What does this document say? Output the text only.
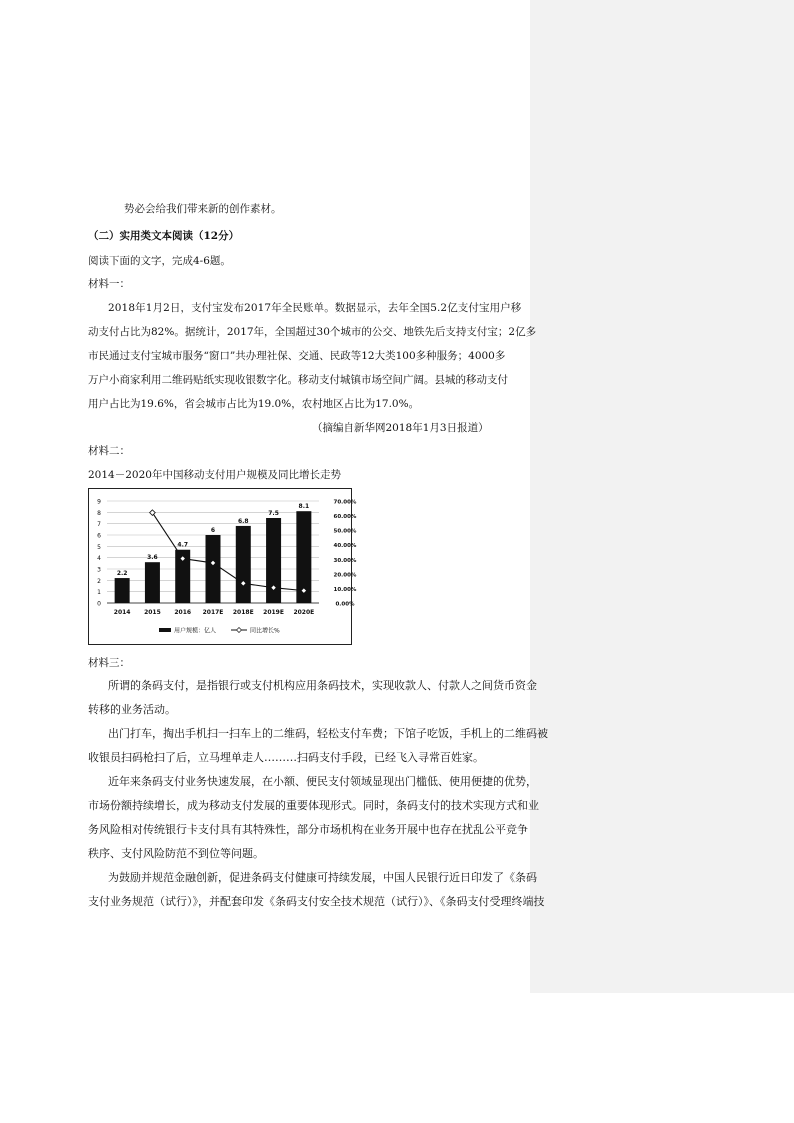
势必会给我们带来新的创作素材。
（二）实用类文本阅读（12分）
阅读下面的文字，完成4-6题。
材料一：
2018年1月2日，支付宝发布2017年全民账单。数据显示，去年全国5.2亿支付宝用户移
动支付占比为82%。据统计，2017年，全国超过30个城市的公交、地铁先后支持支付宝；2亿多
市民通过支付宝城市服务“窗口”共办理社保、交通、民政等12大类100多种服务；4000多
万户小商家利用二维码贴纸实现收银数字化。移动支付城镇市场空间广阔。县城的移动支付
用户占比为19.6%，省会城市占比为19.0%，农村地区占比为17.0%。
（摘编自新华网2018年1月3日报道）
材料二：
2014－2020年中国移动支付用户规模及同比增长走势
0
1
2
3
4
5
6
7
8
9
0.00%
10.00%
20.00%
30.00%
40.00%
50.00%
60.00%
70.00%
2.2
2014
3.6
2015
4.7
2016
6
2017E
6.8
2018E
7.5
2019E
8.1
2020E
用户规模：亿人	同比增长%
材料三：
所谓的条码支付，是指银行或支付机构应用条码技术，实现收款人、付款人之间货币资金
转移的业务活动。
出门打车，掏出手机扫一扫车上的二维码，轻松支付车费；下馆子吃饭，手机上的二维码被
收银员扫码枪扫了后，立马埋单走人………扫码支付手段，已经飞入寻常百姓家。
近年来条码支付业务快速发展，在小额、便民支付领域显现出门槛低、使用便捷的优势，
市场份额持续增长，成为移动支付发展的重要体现形式。同时，条码支付的技术实现方式和业
务风险相对传统银行卡支付具有其特殊性，部分市场机构在业务开展中也存在扰乱公平竞争
秩序、支付风险防范不到位等问题。
为鼓励并规范金融创新，促进条码支付健康可持续发展，中国人民银行近日印发了《条码
支付业务规范（试行）》，并配套印发《条码支付安全技术规范（试行）》、《条码支付受理终端技
